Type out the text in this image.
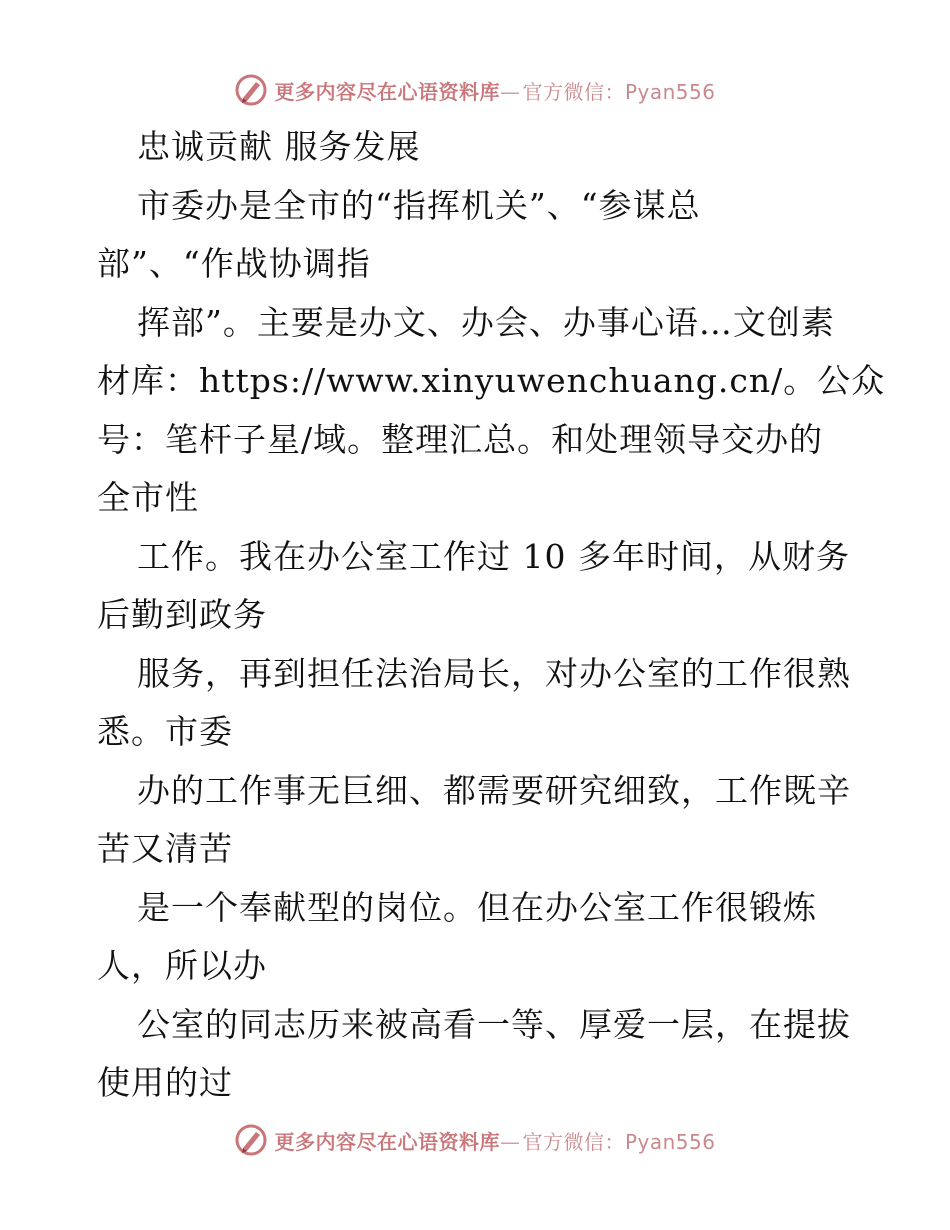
更多内容尽在心语资料库— 官方微信：Pyan556
忠诚贡献 服务发展
市委办是全市的“指挥机关”、“参谋总
部”、“作战协调指
挥部”。主要是办文、办会、办事心语…文创素
材库：https://www.xinyuwenchuang.cn/。公众
号：笔杆子星/域。整理汇总。和处理领导交办的
全市性
工作。我在办公室工作过 10 多年时间，从财务
后勤到政务
服务，再到担任法治局长，对办公室的工作很熟
悉。市委
办的工作事无巨细、都需要研究细致，工作既辛
苦又清苦
是一个奉献型的岗位。但在办公室工作很锻炼
人，所以办
公室的同志历来被高看一等、厚爱一层，在提拔
使用的过
更多内容尽在心语资料库— 官方微信：Pyan556
